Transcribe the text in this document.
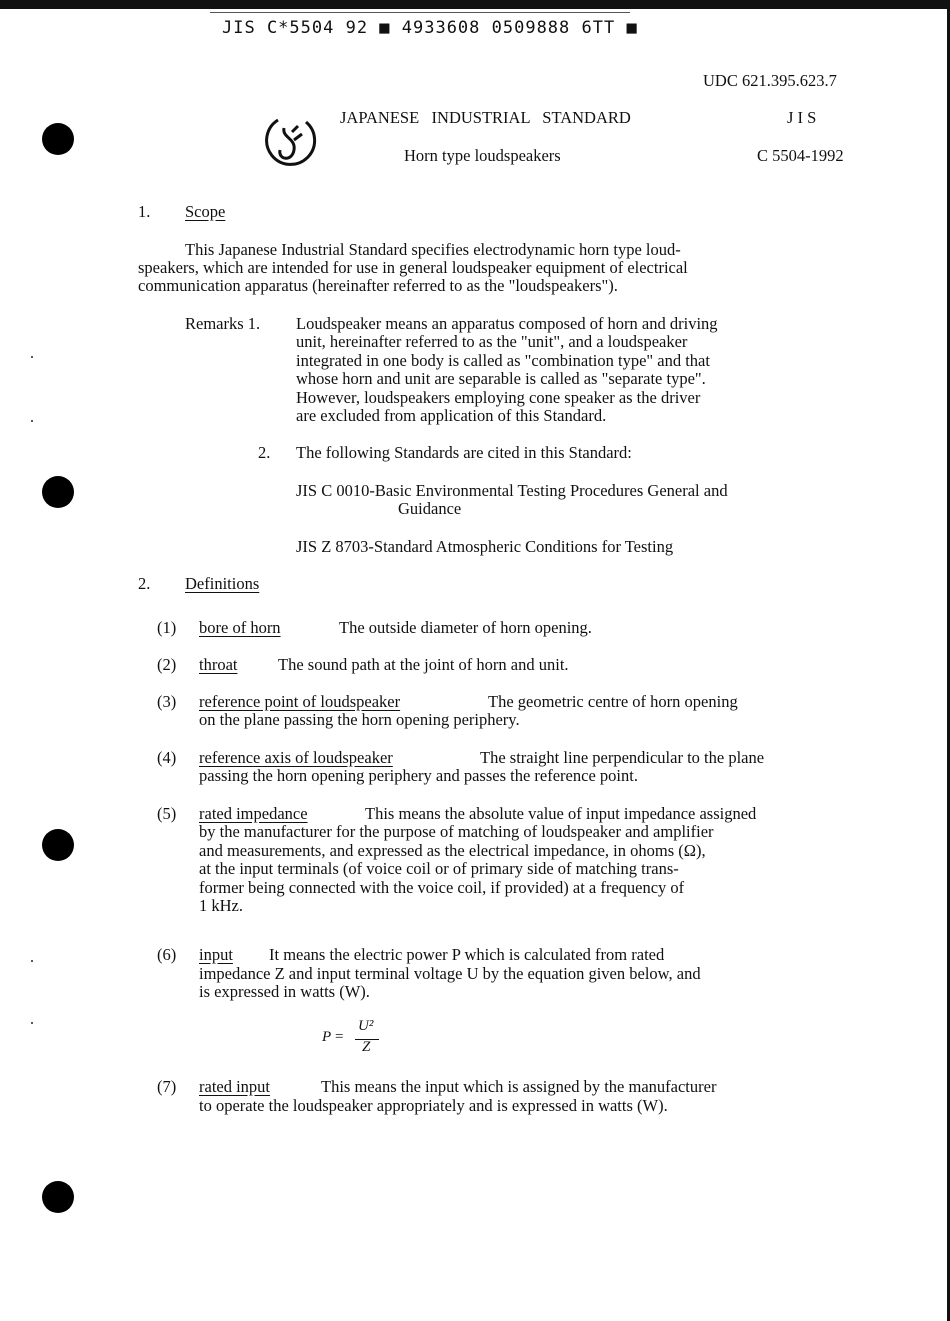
JIS C*5504 92 ■ 4933608 0509888 6TT ■
UDC 621.395.623.7
JAPANESE   INDUSTRIAL   STANDARD	J I S
Horn type loudspeakers	C 5504-1992
1. Scope
This Japanese Industrial Standard specifies electrodynamic horn type loud-
speakers, which are intended for use in general loudspeaker equipment of electrical
communication apparatus (hereinafter referred to as the "loudspeakers").
Remarks 1. Loudspeaker means an apparatus composed of horn and driving
unit, hereinafter referred to as the "unit", and a loudspeaker
integrated in one body is called as "combination type" and that
whose horn and unit are separable is called as "separate type".
However, loudspeakers employing cone speaker as the driver
are excluded from application of this Standard.
2. The following Standards are cited in this Standard:
JIS C 0010-Basic Environmental Testing Procedures General and
Guidance
JIS Z 8703-Standard Atmospheric Conditions for Testing
2. Definitions
(1) bore of horn	The outside diameter of horn opening.
(2) throat The sound path at the joint of horn and unit.
(3) reference point of loudspeaker	The geometric centre of horn opening
on the plane passing the horn opening periphery.
(4) reference axis of loudspeaker	The straight line perpendicular to the plane
passing the horn opening periphery and passes the reference point.
(5) rated impedance	This means the absolute value of input impedance assigned
by the manufacturer for the purpose of matching of loudspeaker and amplifier
and measurements, and expressed as the electrical impedance, in ohoms (Ω),
at the input terminals (of voice coil or of primary side of matching trans-
former being connected with the voice coil, if provided) at a frequency of
1 kHz.
(6) input It means the electric power P which is calculated from rated
impedance Z and input terminal voltage U by the equation given below, and
is expressed in watts (W).
P =
U²
Z
(7) rated input	This means the input which is assigned by the manufacturer
to operate the loudspeaker appropriately and is expressed in watts (W).
